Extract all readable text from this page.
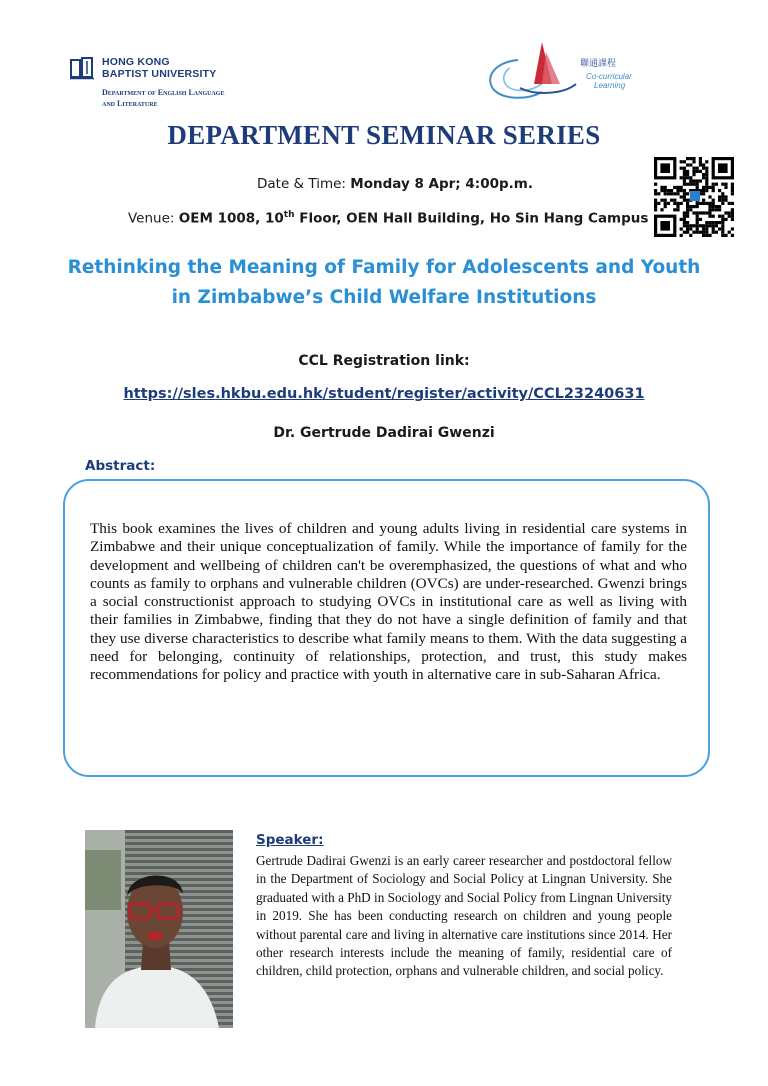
HONG KONG
BAPTIST UNIVERSITY
Department of English Language
and Literature
聯通課程
Co-curricular
Learning
DEPARTMENT SEMINAR SERIES
Date & Time: Monday 8 Apr; 4:00p.m.
Venue: OEM 1008, 10th Floor, OEN Hall Building, Ho Sin Hang Campus
Rethinking the Meaning of Family for Adolescents and Youth in Zimbabwe’s Child Welfare Institutions
CCL Registration link:
https://sles.hkbu.edu.hk/student/register/activity/CCL23240631
Dr. Gertrude Dadirai Gwenzi
Abstract:
This book examines the lives of children and young adults living in residential care systems in Zimbabwe and their unique conceptualization of family. While the importance of family for the development and wellbeing of children can't be overemphasized, the questions of what and who counts as family to orphans and vulnerable children (OVCs) are under-researched. Gwenzi brings a social constructionist approach to studying OVCs in institutional care as well as living with their families in Zimbabwe, finding that they do not have a single definition of family and that they use diverse characteristics to describe what family means to them. With the data suggesting a need for belonging, continuity of relationships, protection, and trust, this study makes recommendations for policy and practice with youth in alternative care in sub-Saharan Africa.
Speaker:
Gertrude Dadirai Gwenzi is an early career researcher and postdoctoral fellow in the Department of Sociology and Social Policy at Lingnan University. She graduated with a PhD in Sociology and Social Policy from Lingnan University in 2019. She has been conducting research on children and young people without parental care and living in alternative care institutions since 2014. Her other research interests include the meaning of family, residential care of children, child protection, orphans and vulnerable children, and social policy.
